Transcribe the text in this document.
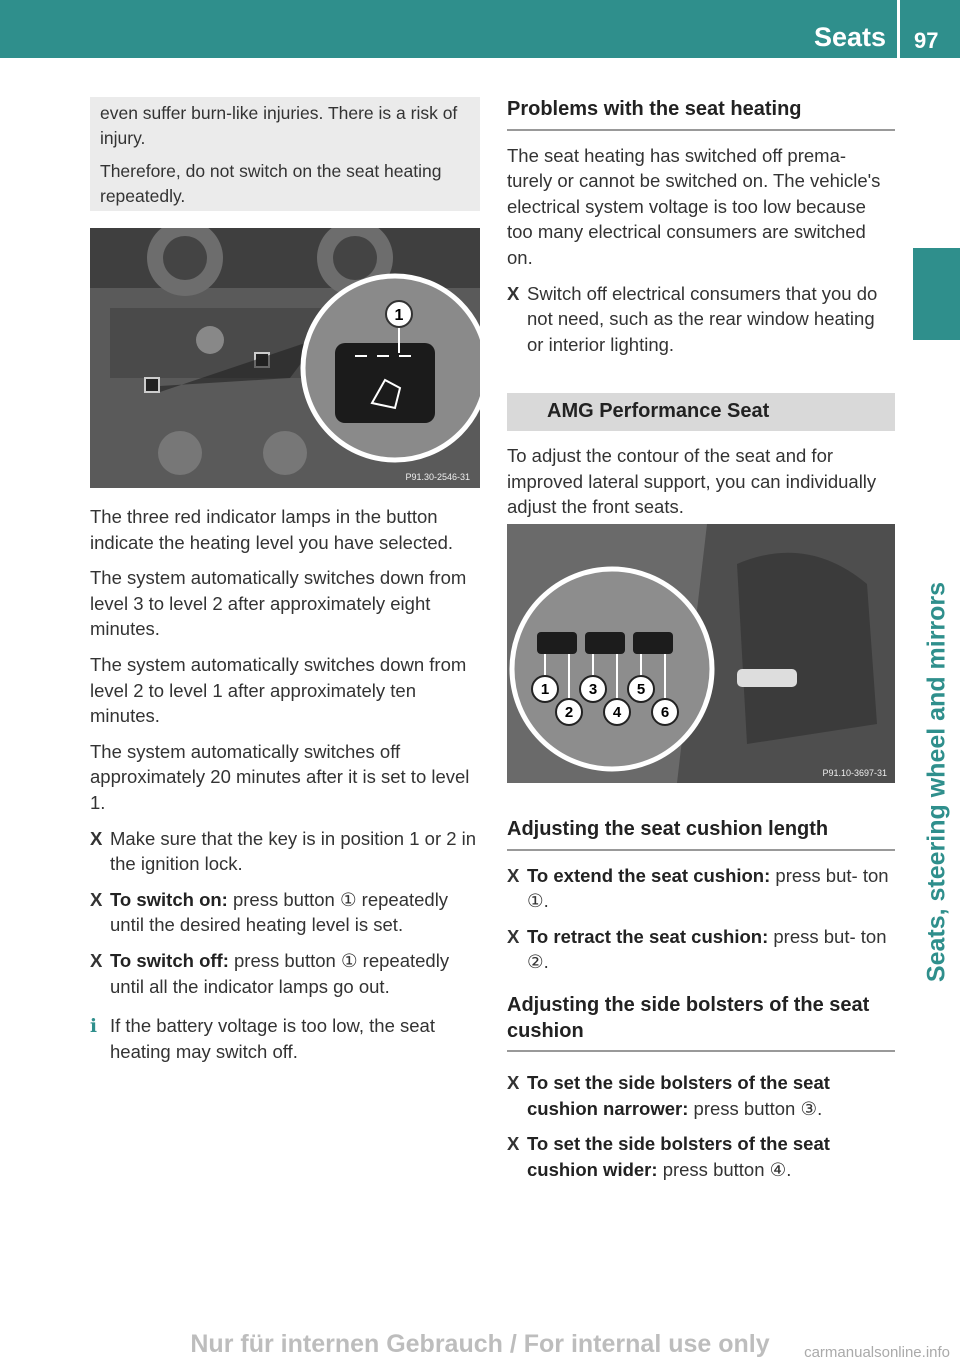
Seats 97
Seats, steering wheel and mirrors

even suffer burn-like injuries. There is a risk of injury.

Therefore, do not switch on the seat heating repeatedly.

1
P91.30-2546-31

The three red indicator lamps in the button indicate the heating level you have selected.

The system automatically switches down from level 3 to level 2 after approximately eight minutes.

The system automatically switches down from level 2 to level 1 after approximately ten minutes.

The system automatically switches off approximately 20 minutes after it is set to level 1.

X Make sure that the key is in position 1 or 2 in the ignition lock.
X To switch on: press button ① repeatedly until the desired heating level is set.
X To switch off: press button ① repeatedly until all the indicator lamps go out.
ℹ If the battery voltage is too low, the seat heating may switch off.
Problems with the seat heating

The seat heating has switched off prema- turely or cannot be switched on. The vehicle's electrical system voltage is too low because too many electrical consumers are switched on.

X Switch off electrical consumers that you do not need, such as the rear window heating or interior lighting.
AMG Performance Seat

To adjust the contour of the seat and for improved lateral support, you can individually adjust the front seats.

1
2
3
4
5
6
P91.10-3697-31
Adjusting the seat cushion length
X To extend the seat cushion: press but- ton ①.
X To retract the seat cushion: press but- ton ②.
Adjusting the side bolsters of the seat cushion
X To set the side bolsters of the seat cushion narrower: press button ③.
X To set the side bolsters of the seat cushion wider: press button ④.
Nur für internen Gebrauch / For internal use only	carmanualsonline.info
